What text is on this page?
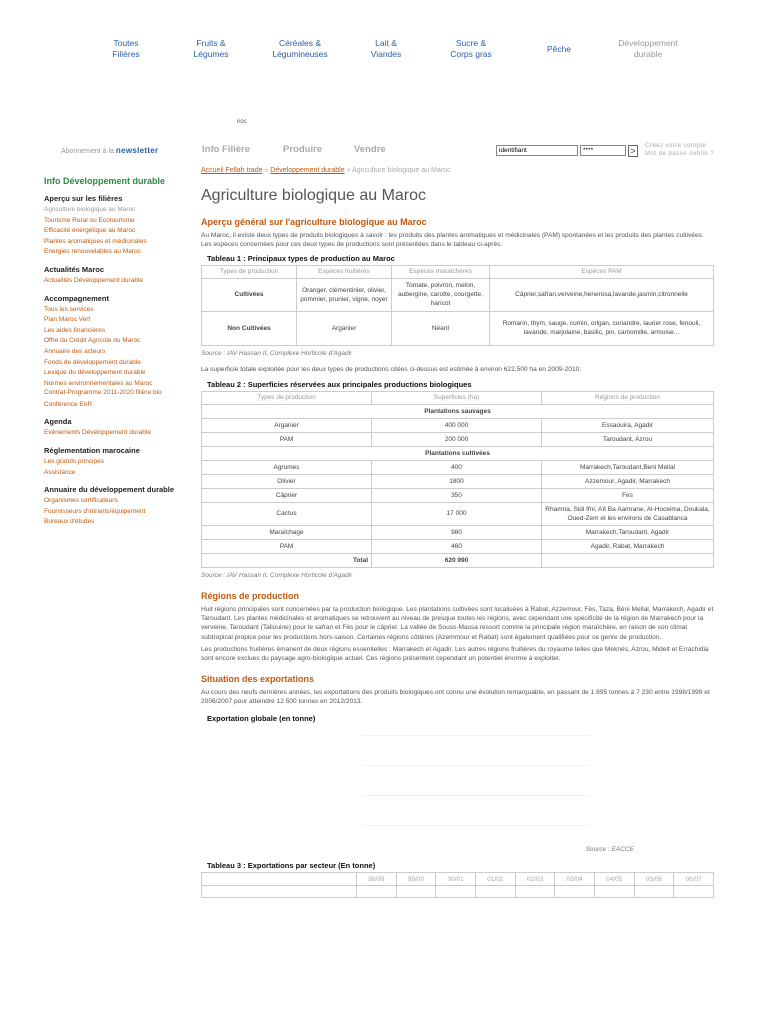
Toutes
Filières
Fruits &
Légumes
Céréales &
Légumineuses
Lait &
Viandes
Sucre &
Corps gras	Pêche
Développement
durable
iroc
Abonnement à la newsletter	Info Filière	Produire	Vendre
identifiant
****	>	Créez votre compte
Mot de passe oublié ?
Info Développement durable
Aperçu sur les filières
Agriculture biologique au Maroc
Tourisme Rural ou Ecotourisme
Efficacité énergétique au Maroc
Plantes aromatiques et médicinales
Energies renouvelables au Maroc
Actualités Maroc
Actualités Développement durable
Accompagnement
Tous les services
Plan Maroc Vert
Les aides financières
Offre du Crédit Agricole du Maroc
Annuaire des acteurs
Fonds de développement durable
Lexique du développement durable
Normes environnementales au Maroc
Contrat-Programme 2011-2020 filière bio
Conférence EnR
Agenda
Evénements Développement durable
Réglementation marocaine
Les grands principes
Assistance
Annuaire du développement durable
Organismes certificateurs
Fournisseurs d'intrants/équipement
Bureaux d'études
Accueil Fellah trade » Développement durable » Agriculture biologique au Maroc
Agriculture biologique au Maroc
Aperçu général sur l'agriculture biologique au Maroc

Au Maroc, il existe deux types de produits biologiques à savoir : les produits des plantes aromatiques et médicinales (PAM) spontanées et les produits des plantes cultivées. Les espèces concernées pour ces deux types de productions sont présentées dans le tableau ci-après.

Tableau 1 : Principaux types de production au Maroc
Types de production	Espèces fruitières	Espèces maraîchères	Espèces PAM
Cultivées	Oranger, clémentinier, olivier, pommier, prunier, vigne, noyer	Tomate, poivron, melon, aubergine, carotte, courgette, haricot	Câprier,safran,verveine,henerosa,lavande,jasmin,citronnelle
Non Cultivées	Arganier	Néant	Romarin, thym, sauge, cumin, origan, coriandre, laurier rose, fenouil, lavande, marjolaine, basilic, pin, camomille, armoise...
Source : IAV Hassan II, Complexe Horticole d'Agadir

La superficie totale exploitée pour les deux types de productions citées ci-dessus est estimée à environ 622.500 ha en 2009-2010.

Tableau 2 : Superficies réservées aux principales productions biologiques
Types de production	Superficies (ha)	Régions de production
Plantations sauvages		
Arganier	400 000	Essaouira, Agadir
PAM	200 000	Taroudant, Azrou
Plantations cultivées		
Agrumes	400	Marrakech,Taroudant,Beni Mellal
Olivier	1800	Azzemour, Agadir, Marrakech
Câprier	350	Fes
Cactus	17 000	Rhamna, Sidi Ifni, Aït Ba Aamrane, Al-Hoceima, Doukala, Oued-Zem et les environs de Casablanca
Maraîchage	980	Marrakech,Taroudant, Agadir
PAM	460	Agadir, Rabat, Marrakech
Total	620 990	
Source : IAV Hassan II, Complexe Horticole d'Agadir
Régions de production

Huit régions principales sont concernées par la production biologique. Les plantations cultivées sont localisées à Rabat, Azzemour, Fès, Taza, Béni Mellal, Marrakech, Agadir et Taroudant. Les plantes médicinales et aromatiques se retrouvent au niveau de presque toutes les régions, avec cependant une spécificité de la région de Marrakech pour la verveine, Taroudant (Taliouine) pour le safran et Fès pour le câprier. La vallée de Souss-Massa ressort comme la principale région maraîchère, en raison de son climat subtropical propice pour les productions hors-saison. Certaines régions côtières (Azemmour et Rabat) sont également qualifiées pour ce genre de production.

Les productions fruitières émanent de deux régions essentielles : Marrakech et Agadir. Les autres régions fruitières du royaume telles que Meknès, Azrou, Midelt et Errachidia sont encore exclues du paysage agro-biologique actuel. Ces régions présentent cependant un potentiel énorme à exploiter.

Situation des exportations

Au cours des neufs dernières années, les exportations des produits biologiques ont connu une évolution remarquable, en passant de 1 895 tonnes à 7 230 entre 1998/1999 et 2006/2007 pour atteindre 12 500 tonnes en 2012/2013.

Exportation globale (en tonne)
Source : EACCE
Tableau 3 : Exportations par secteur (En tonne)
	98/99	99/00	00/01	01/02	02/03	03/04	04/05	05/06	06/07
